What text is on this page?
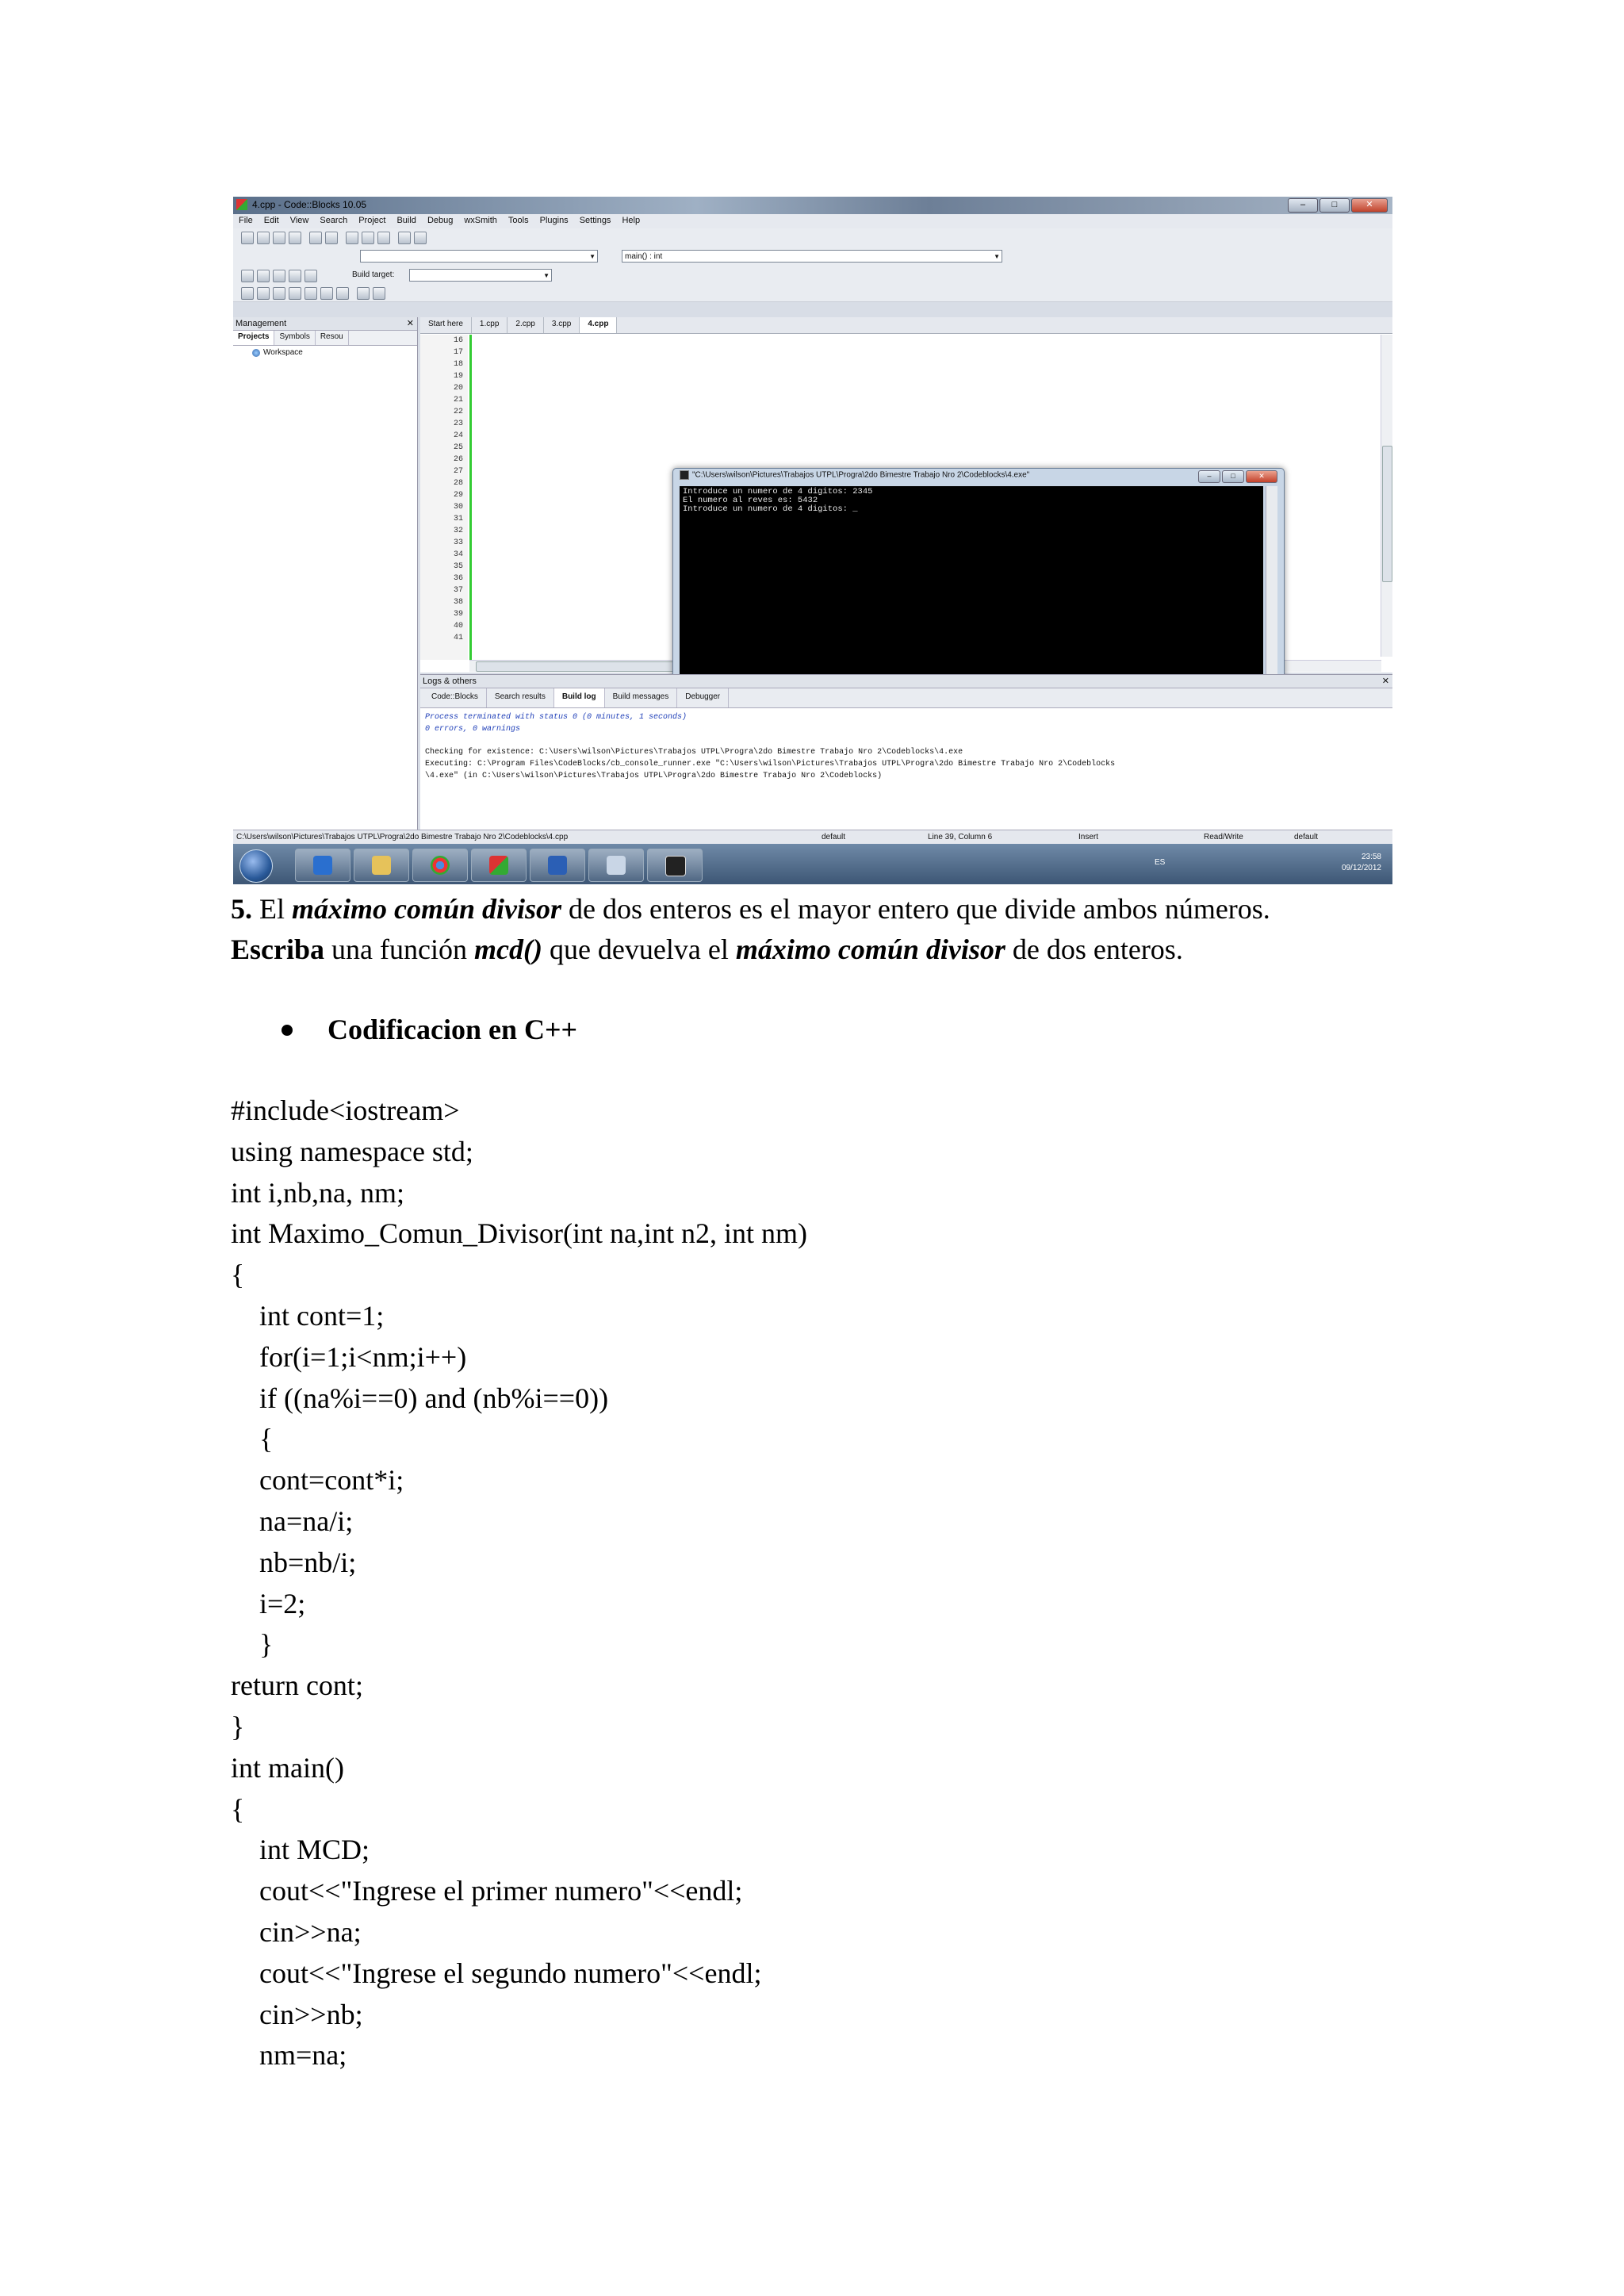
4.cpp - Code::Blocks 10.05	–	□	✕
File	Edit	View	Search	Project	Build	Debug	wxSmith	Tools	Plugins	Settings	Help
▼	main() : int	▼
Build target:	▼
Management	✕
Projects	Symbols	Resou
Workspace
Start here	1.cpp	2.cpp	3.cpp	4.cpp
16
17
18
19
20
21
22
23
24
25
26
27
28
29
30
31
32
33
34
35
36
37
38
39
40
41
"C:\Users\wilson\Pictures\Trabajos UTPL\Progra\2do Bimestre Trabajo Nro 2\Codeblocks\4.exe"	–	□	✕
Introduce un numero de 4 digitos: 2345
El numero al reves es: 5432
Introduce un numero de 4 digitos: _
Logs & others	✕
Code::Blocks	Search results	Build log	Build messages	Debugger
Process terminated with status 0 (0 minutes, 1 seconds)
0 errors, 0 warnings
Checking for existence: C:\Users\wilson\Pictures\Trabajos UTPL\Progra\2do Bimestre Trabajo Nro 2\Codeblocks\4.exe
Executing: C:\Program Files\CodeBlocks/cb_console_runner.exe "C:\Users\wilson\Pictures\Trabajos UTPL\Progra\2do Bimestre Trabajo Nro 2\Codeblocks
\4.exe" (in C:\Users\wilson\Pictures\Trabajos UTPL\Progra\2do Bimestre Trabajo Nro 2\Codeblocks)
C:\Users\wilson\Pictures\Trabajos UTPL\Progra\2do Bimestre Trabajo Nro 2\Codeblocks\4.cpp	default	Line 39, Column 6	Insert	Read/Write	default
ES
23:58
09/12/2012
5. El máximo común divisor de dos enteros es el mayor entero que divide ambos números.
Escriba una función mcd() que devuelva el máximo común divisor de dos enteros.
Codificacion en C++
#include<iostream>
using namespace std;
int i,nb,na, nm;
int Maximo_Comun_Divisor(int na,int n2, int nm)
{
int cont=1;
for(i=1;i<nm;i++)
if ((na%i==0) and (nb%i==0))
{
cont=cont*i;
na=na/i;
nb=nb/i;
i=2;
}
return cont;
}
int main()
{
int MCD;
cout<<"Ingrese el primer numero"<<endl;
cin>>na;
cout<<"Ingrese el segundo numero"<<endl;
cin>>nb;
nm=na;
